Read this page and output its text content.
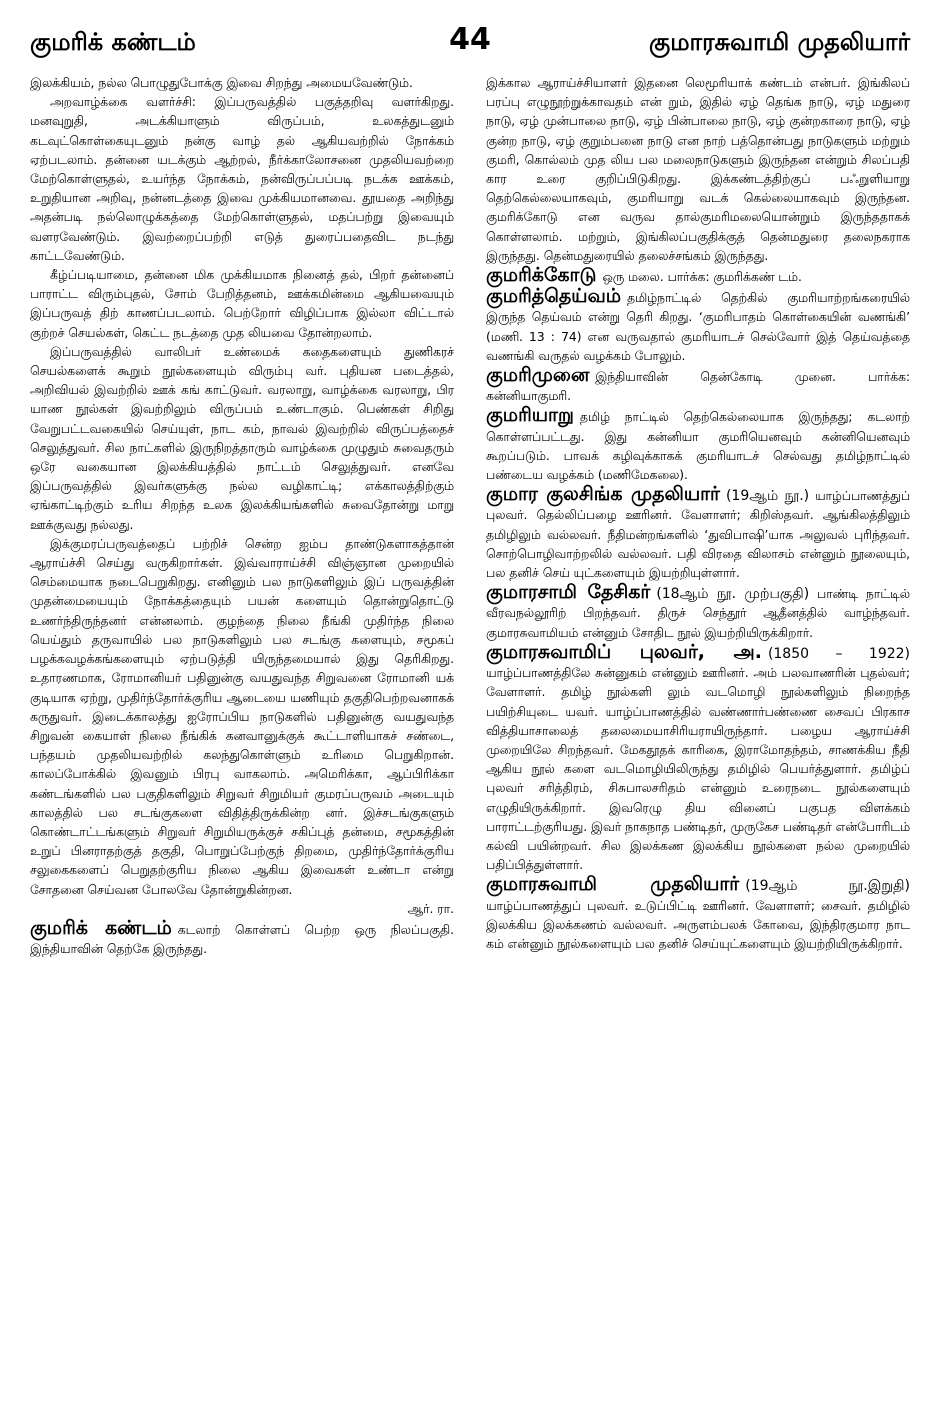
குமரிக் கண்டம்	44	குமாரசுவாமி முதலியார்

இலக்கியம், நல்ல பொழுதுபோக்கு இவை சிறந்து அமையவேண்டும்.

அறவாழ்க்கை வளர்ச்சி: இப்பருவத்தில் பகுத்தறிவு வளர்கிறது. மனவுறுதி, அடக்கியாளும் விருப்பம், உலகத்துடனும் கடவுட்கொள்கையுடனும் நன்கு வாழ் தல் ஆகியவற்றில் நோக்கம் ஏற்படலாம். தன்னை யடக்கும் ஆற்றல், நீர்க்காலோசனை முதலியவற்றை மேற்கொள்ளுதல், உயர்ந்த நோக்கம், நன்விருப்பப்படி நடக்க ஊக்கம், உறுதியான அறிவு, நன்னடத்தை இவை முக்கியமானவை. தூயதை அறிந்து அதன்படி நல்லொழுக்கத்தை மேற்கொள்ளுதல், மதப்பற்று இவையும் வளரவேண்டும். இவற்றைப்பற்றி எடுத் துரைப்பதைவிட நடந்து காட்டவேண்டும்.

கீழ்ப்படியாமை, தன்னை மிக முக்கியமாக நினைத் தல், பிறர் தன்னைப் பாராட்ட விரும்புதல், சோம் பேறித்தனம், ஊக்கமின்மை ஆகியவையும் இப்பருவத் திற் காணப்படலாம். பெற்றோர் விழிப்பாக இல்லா விட்டால் குற்றச் செயல்கள், கெட்ட நடத்தை முத லியவை தோன்றலாம்.

இப்பருவத்தில் வாலிபர் உண்மைக் கதைகளையும் துணிகரச் செயல்களைக் கூறும் நூல்களையும் விரும்பு வர். புதியன படைத்தல், அறிவியல் இவற்றில் ஊக் கங் காட்டுவர். வரலாறு, வாழ்க்கை வரலாறு, பிர யாண நூல்கள் இவற்றிலும் விருப்பம் உண்டாகும். பெண்கள் சிறிது வேறுபட்டவகையில் செய்யுள், நாட கம், நாவல் இவற்றில் விருப்பத்தைச் செலுத்துவர். சில நாட்களில் இருநிறத்தாரும் வாழ்க்கை முழுதும் சுவைதரும் ஒரே வகையான இலக்கியத்தில் நாட்டம் செலுத்துவர். எனவே இப்பருவத்தில் இவர்களுக்கு நல்ல வழிகாட்டி; எக்காலத்திற்கும் ஏங்காட்டிற்கும் உரிய சிறந்த உலக இலக்கியங்களில் சுவைதோன்று மாறு ஊக்குவது நல்லது.

இக்குமரப்பருவத்தைப் பற்றிச் சென்ற ஐம்ப தாண்டுகளாகத்தான் ஆராய்ச்சி செய்து வருகிறார்கள். இவ்வாராய்ச்சி விஞ்ஞான முறையில் செம்மையாக நடைபெறுகிறது. எனினும் பல நாடுகளிலும் இப் பருவத்தின் முதன்மையையும் நோக்கத்தையும் பயன் களையும் தொன்றுதொட்டு உணர்ந்திருந்தனர் என்னலாம். குழந்தை நிலை நீங்கி முதிர்ந்த நிலை யெய்தும் தருவாயில் பல நாடுகளிலும் பல சடங்கு களையும், சமூகப் பழக்கவழக்கங்களையும் ஏற்படுத்தி யிருந்தமையால் இது தெரிகிறது. உதாரணமாக, ரோமானியர் பதினுன்கு வயதுவந்த சிறுவனை ரோமானி யக் குடியாக ஏற்று, முதிர்ந்தோர்க்குரிய ஆடையை யணியும் தகுதிபெற்றவனாகக் கருதுவர். இடைக்காலத்து ஐரோப்பிய நாடுகளில் பதினுன்கு வயதுவந்த சிறுவன் கையாள் நிலை நீங்கிக் கனவானுக்குக் கூட்டாளியாகச் சண்டை, பந்தயம் முதலியவற்றில் கலந்துகொள்ளும் உரிமை பெறுகிறான். காலப்போக்கில் இவனும் பிரபு வாகலாம். அமெரிக்கா, ஆப்பிரிக்கா கண்டங்களில் பல பகுதிகளிலும் சிறுவர் சிறுமியர் குமரப்பருவம் அடையும் காலத்தில் பல சடங்குகளை விதித்திருக்கின்ற னர். இச்சடங்குகளும் கொண்டாட்டங்களும் சிறுவர் சிறுமியருக்குச் சகிப்புத் தன்மை, சமூகத்தின் உறுப் பினராதற்குத் தகுதி, பொறுப்பேற்குந் திறமை, முதிர்ந்தோர்க்குரிய சலுகைகளைப் பெறுதற்குரிய நிலை ஆகிய இவைகள் உண்டா என்று சோதனை செய்வன போலவே தோன்றுகின்றன.

ஆர். ரா.

குமரிக் கண்டம் கடலாற் கொள்ளப் பெற்ற ஒரு நிலப்பகுதி. இந்தியாவின் தெற்கே இருந்தது.

இக்கால ஆராய்ச்சியாளர் இதனை லெமூரியாக் கண்டம் என்பர். இங்கிலப் பரப்பு எழுநூற்றுக்காவதம் என் றும், இதில் ஏழ் தெங்க நாடு, ஏழ் மதுரை நாடு, ஏழ் முன்பாலை நாடு, ஏழ் பின்பாலை நாடு, ஏழ் குன்றகாரை நாடு, ஏழ் குன்ற நாடு, ஏழ் குறும்பனை நாடு என நாற் பத்தொன்பது நாடுகளும் மற்றும் குமரி, கொல்லம் முத லிய பல மலைநாடுகளும் இருந்தன என்றும் சிலப்பதி கார உரை குறிப்பிடுகிறது. இக்கண்டத்திற்குப் பஃறுளியாறு தெற்கெல்லையாகவும், குமரியாறு வடக் கெல்லையாகவும் இருந்தன. குமரிக்கோடு என வருவ தால்குமரிமலையொன்றும் இருந்ததாகக் கொள்ளலாம். மற்றும், இங்கிலப்பகுதிக்குத் தென்மதுரை தலைநகராக இருந்தது. தென்மதுரையில் தலைச்சங்கம் இருந்தது.

குமரிக்கோடு ஒரு மலை. பார்க்க: குமரிக்கண் டம்.

குமரித்தெய்வம் தமிழ்நாட்டில் தெற்கில் குமரியாற்றங்கரையில் இருந்த தெய்வம் என்று தெரி கிறது. ‘குமரிபாதம் கொள்கையின் வணங்கி’ (மணி. 13 : 74) என வருவதால் குமரியாடச் செல்வோர் இத் தெய்வத்தை வணங்கி வருதல் வழக்கம் போலும்.

குமரிமுனை இந்தியாவின் தென்கோடி முனை. பார்க்க: கன்னியாகுமரி.

குமரியாறு தமிழ் நாட்டில் தெற்கெல்லையாக இருந்தது; கடலாற் கொள்ளப்பட்டது. இது கன்னியா குமரியெனவும் கன்னியெனவும் கூறப்படும். பாவக் கழிவுக்காகக் குமரியாடச் செல்வது தமிழ்நாட்டில் பண்டைய வழக்கம் (மணிமேகலை).

குமார குலசிங்க முதலியார் (19ஆம் நூ.) யாழ்ப்பாணத்துப் புலவர். தெல்லிப்பழை ஊரினர். வேளாளர்; கிறிஸ்தவர். ஆங்கிலத்திலும் தமிழிலும் வல்லவர். நீதிமன்றங்களில் ‘துவிபாஷி’யாக அலுவல் புரிந்தவர். சொற்பொழிவாற்றலில் வல்லவர். பதி விரதை விலாசம் என்னும் நூலையும், பல தனிச் செய் யுட்களையும் இயற்றியுள்ளார்.

குமாரசாமி தேசிகர் (18ஆம் நூ. முற்பகுதி) பாண்டி நாட்டில் வீரவநல்லூரிற் பிறந்தவர். திருச் செந்தூர் ஆதீனத்தில் வாழ்ந்தவர். குமாரசுவாமியம் என்னும் சோதிட நூல் இயற்றியிருக்கிறார்.

குமாரசுவாமிப் புலவர், அ. (1850 – 1922) யாழ்ப்பாணத்திலே சுன்னுகம் என்னும் ஊரினர். அம் பலவாணரின் புதல்வர்; வேளாளர். தமிழ் நூல்களி லும் வடமொழி நூல்களிலும் நிறைந்த பயிற்சியுடை யவர். யாழ்ப்பாணத்தில் வண்ணார்பண்ணை சைவப் பிரகாச வித்தியாசாலைத் தலைமையாசிரியராயிருந்தார். பழைய ஆராய்ச்சி முறையிலே சிறந்தவர். மேகதூதக் காரிகை, இராமோதந்தம், சாணக்கிய நீதி ஆகிய நூல் களை வடமொழியிலிருந்து தமிழில் பெயர்த்துளார். தமிழ்ப் புலவர் சரித்திரம், சிசுபாலசரிதம் என்னும் உரைநடை நூல்களையும் எழுதியிருக்கிறார். இவரெழு திய வினைப் பகுபத விளக்கம் பாராட்டற்குரியது. இவர் நாகநாத பண்டிதர், முருகேச பண்டிதர் என்போரிடம் கல்வி பயின்றவர். சில இலக்கண இலக்கிய நூல்களை நல்ல முறையில் பதிப்பித்துள்ளார்.

குமாரசுவாமி முதலியார் (19ஆம் நூ.இறுதி) யாழ்ப்பாணத்துப் புலவர். உடுப்பிட்டி ஊரினர். வேளாளர்; சைவர். தமிழில் இலக்கிய இலக்கணம் வல்லவர். அருளம்பலக் கோவை, இந்திரகுமார நாட கம் என்னும் நூல்களையும் பல தனிச் செய்யுட்களையும் இயற்றியிருக்கிறார்.
